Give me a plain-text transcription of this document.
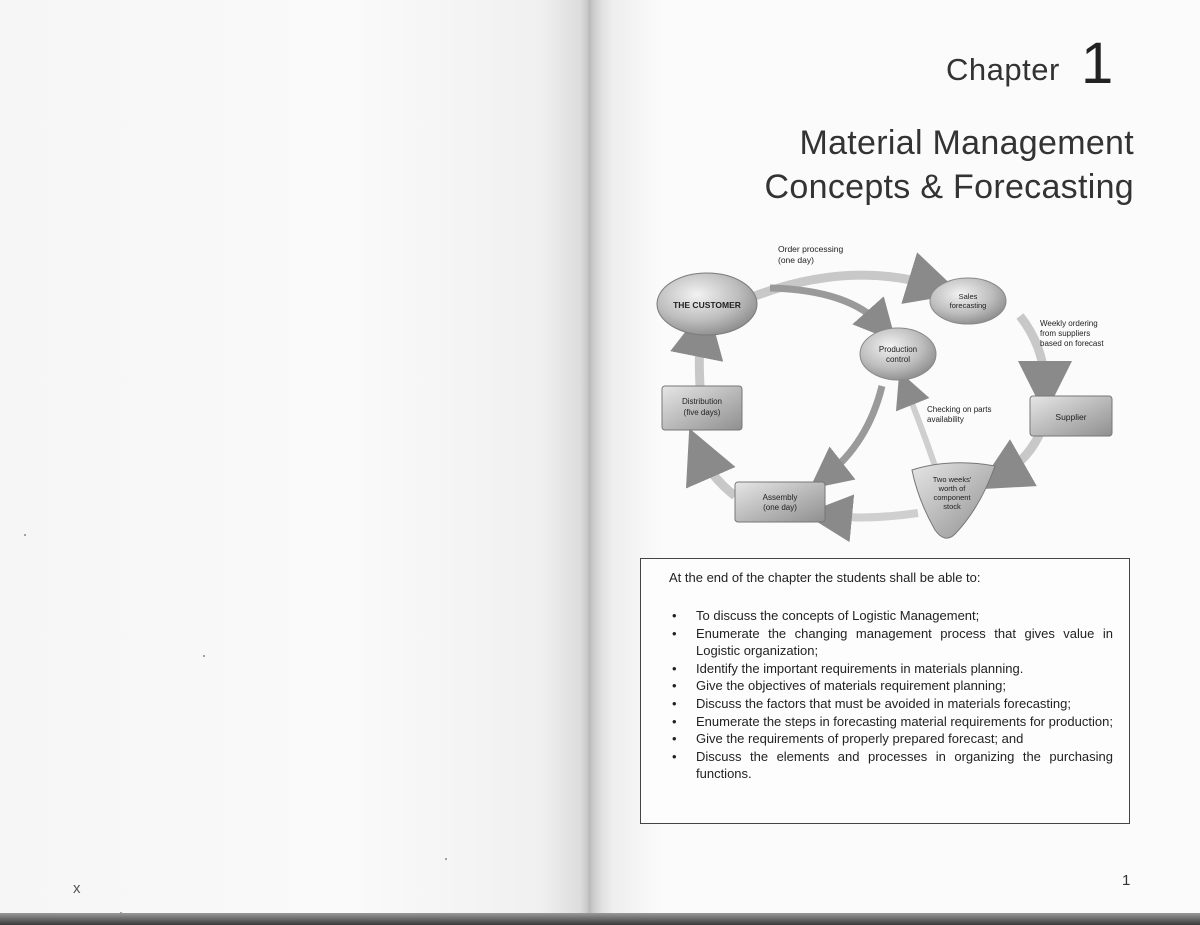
x
Chapter 1
Material Management
Concepts & Forecasting
THE CUSTOMER
Order processing
(one day)
Sales
forecasting
Weekly ordering
from suppliers
based on forecast
Production
control
Checking on parts
availability	Supplier
Distribution
(five days)
Assembly
(one day)
Two weeks'
worth of
component
stock
At the end of the chapter the students shall be able to:
• To discuss the concepts of Logistic Management;
• Enumerate the changing management process that gives value in Logistic organization;
• Identify the important requirements in materials planning.
• Give the objectives of materials requirement planning;
• Discuss the factors that must be avoided in materials forecasting;
• Enumerate the steps in forecasting material requirements for production;
• Give the requirements of properly prepared forecast; and
• Discuss the elements and processes in organizing the purchasing functions.
1
